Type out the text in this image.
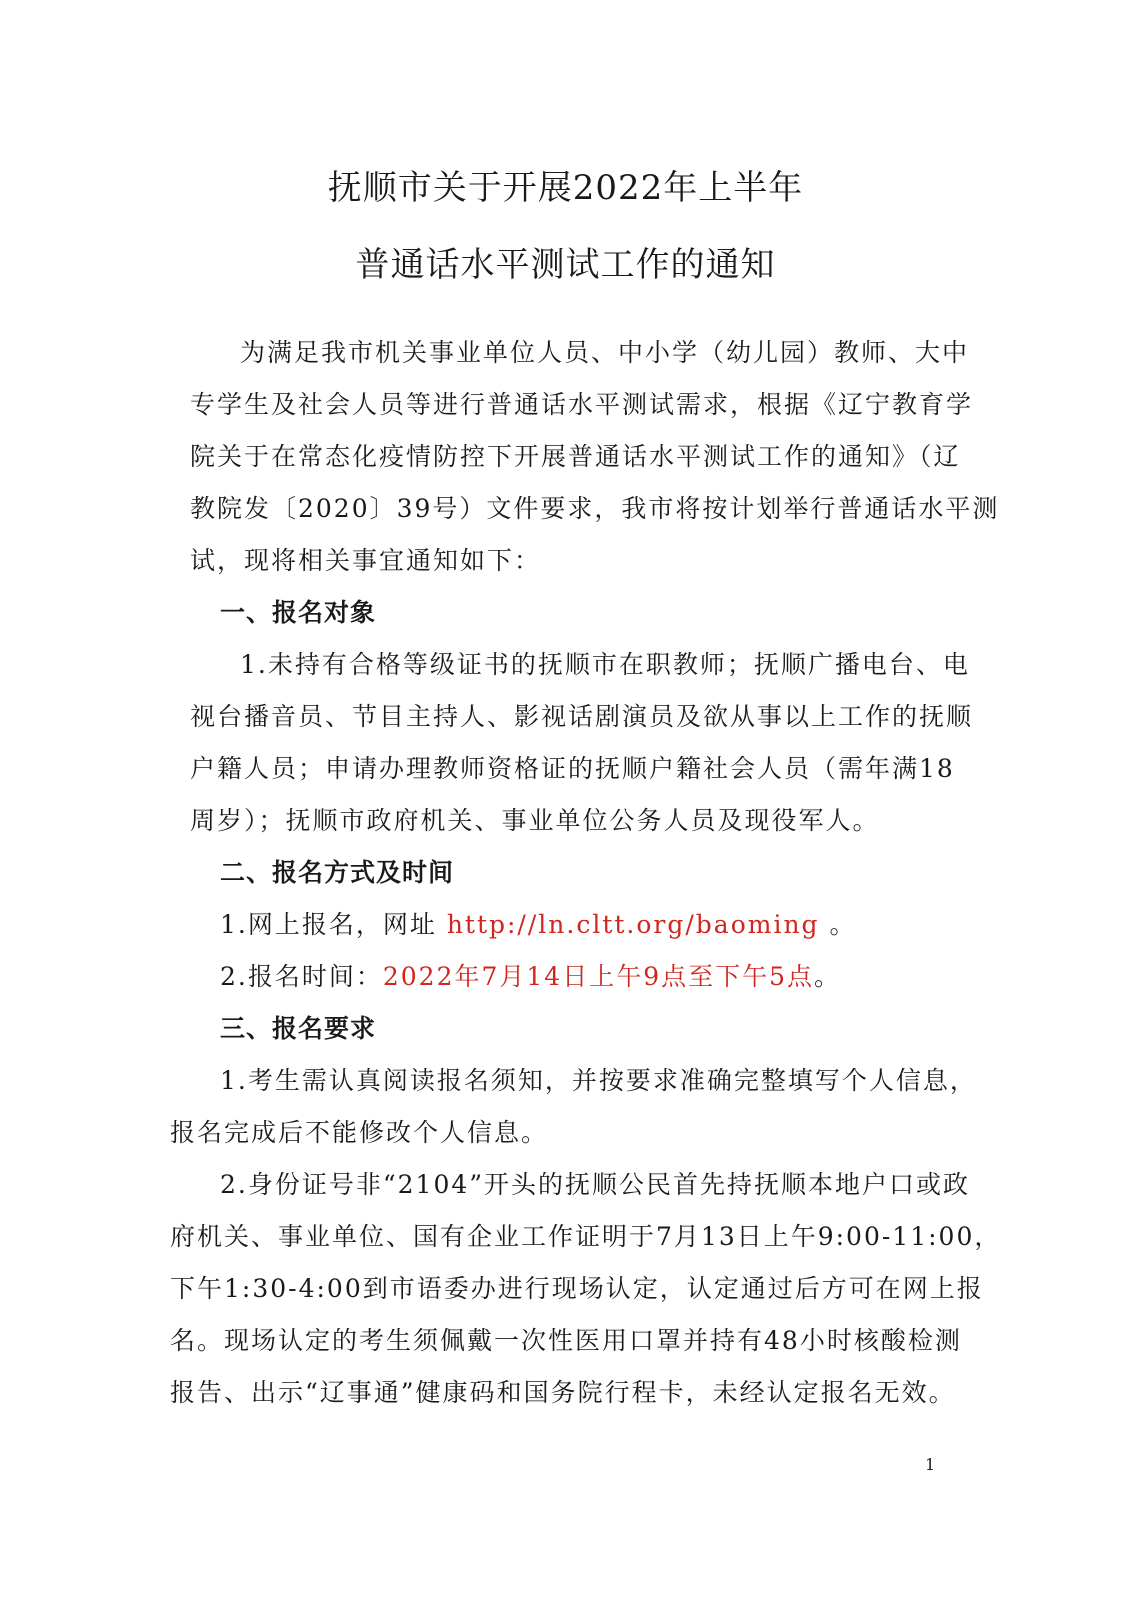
抚顺市关于开展2022年上半年
普通话水平测试工作的通知
为满足我市机关事业单位人员、中小学（幼儿园）教师、大中
专学生及社会人员等进行普通话水平测试需求，根据《辽宁教育学
院关于在常态化疫情防控下开展普通话水平测试工作的通知》（辽
教院发〔2020〕39号）文件要求，我市将按计划举行普通话水平测
试，现将相关事宜通知如下：
一、报名对象
1.未持有合格等级证书的抚顺市在职教师；抚顺广播电台、电
视台播音员、节目主持人、影视话剧演员及欲从事以上工作的抚顺
户籍人员；申请办理教师资格证的抚顺户籍社会人员（需年满18
周岁）；抚顺市政府机关、事业单位公务人员及现役军人。
二、报名方式及时间
1.网上报名，网址 http://ln.cltt.org/baoming 。
2.报名时间：2022年7月14日上午9点至下午5点。
三、报名要求
1.考生需认真阅读报名须知，并按要求准确完整填写个人信息，
报名完成后不能修改个人信息。
2.身份证号非“2104”开头的抚顺公民首先持抚顺本地户口或政
府机关、事业单位、国有企业工作证明于7月13日上午9:00-11:00，
下午1:30-4:00到市语委办进行现场认定，认定通过后方可在网上报
名。现场认定的考生须佩戴一次性医用口罩并持有48小时核酸检测
报告、出示“辽事通”健康码和国务院行程卡，未经认定报名无效。
1
